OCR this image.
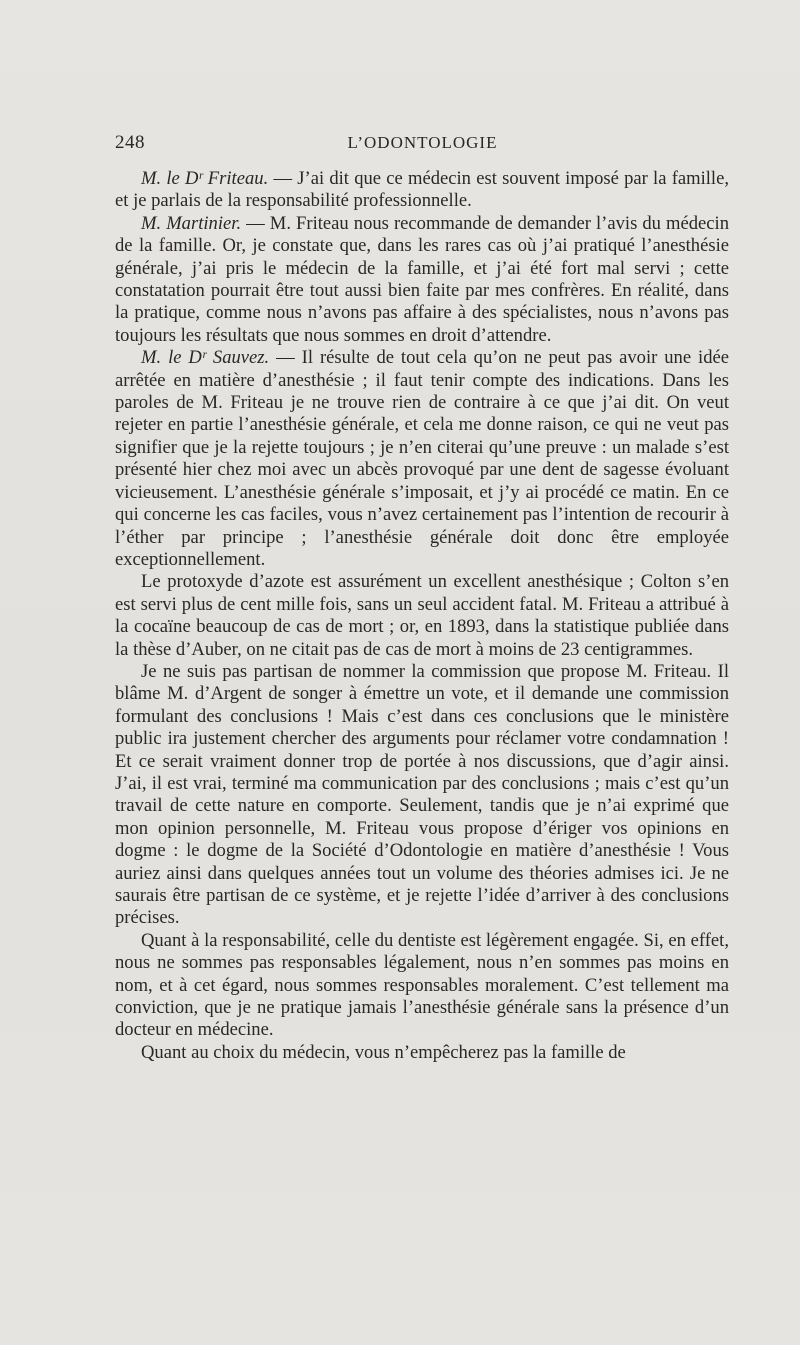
248	L’ODONTOLOGIE

M. le Dʳ Friteau. — J’ai dit que ce médecin est souvent imposé par la famille, et je parlais de la responsabilité professionnelle.

M. Martinier. — M. Friteau nous recommande de demander l’avis du médecin de la famille. Or, je constate que, dans les rares cas où j’ai pratiqué l’anesthésie générale, j’ai pris le médecin de la famille, et j’ai été fort mal servi ; cette constatation pourrait être tout aussi bien faite par mes confrères. En réalité, dans la pratique, comme nous n’avons pas affaire à des spécialistes, nous n’avons pas toujours les résultats que nous sommes en droit d’attendre.

M. le Dʳ Sauvez. — Il résulte de tout cela qu’on ne peut pas avoir une idée arrêtée en matière d’anesthésie ; il faut tenir compte des indications. Dans les paroles de M. Friteau je ne trouve rien de contraire à ce que j’ai dit. On veut rejeter en partie l’anesthésie générale, et cela me donne raison, ce qui ne veut pas signifier que je la rejette toujours ; je n’en citerai qu’une preuve : un malade s’est présenté hier chez moi avec un abcès provoqué par une dent de sagesse évoluant vicieusement. L’anesthésie générale s’imposait, et j’y ai procédé ce matin. En ce qui concerne les cas faciles, vous n’avez certainement pas l’intention de recourir à l’éther par principe ; l’anesthésie générale doit donc être employée exceptionnellement.

Le protoxyde d’azote est assurément un excellent anesthésique ; Colton s’en est servi plus de cent mille fois, sans un seul accident fatal. M. Friteau a attribué à la cocaïne beaucoup de cas de mort ; or, en 1893, dans la statistique publiée dans la thèse d’Auber, on ne citait pas de cas de mort à moins de 23 centigrammes.

Je ne suis pas partisan de nommer la commission que propose M. Friteau. Il blâme M. d’Argent de songer à émettre un vote, et il demande une commission formulant des conclusions ! Mais c’est dans ces conclusions que le ministère public ira justement chercher des arguments pour réclamer votre condamnation ! Et ce serait vraiment donner trop de portée à nos discussions, que d’agir ainsi. J’ai, il est vrai, terminé ma communication par des conclusions ; mais c’est qu’un travail de cette nature en comporte. Seulement, tandis que je n’ai exprimé que mon opinion personnelle, M. Friteau vous propose d’ériger vos opinions en dogme : le dogme de la Société d’Odontologie en matière d’anesthésie ! Vous auriez ainsi dans quelques années tout un volume des théories admises ici. Je ne saurais être partisan de ce système, et je rejette l’idée d’arriver à des conclusions précises.

Quant à la responsabilité, celle du dentiste est légèrement engagée. Si, en effet, nous ne sommes pas responsables légalement, nous n’en sommes pas moins en nom, et à cet égard, nous sommes responsables moralement. C’est tellement ma conviction, que je ne pratique jamais l’anesthésie générale sans la présence d’un docteur en médecine.

Quant au choix du médecin, vous n’empêcherez pas la famille de
